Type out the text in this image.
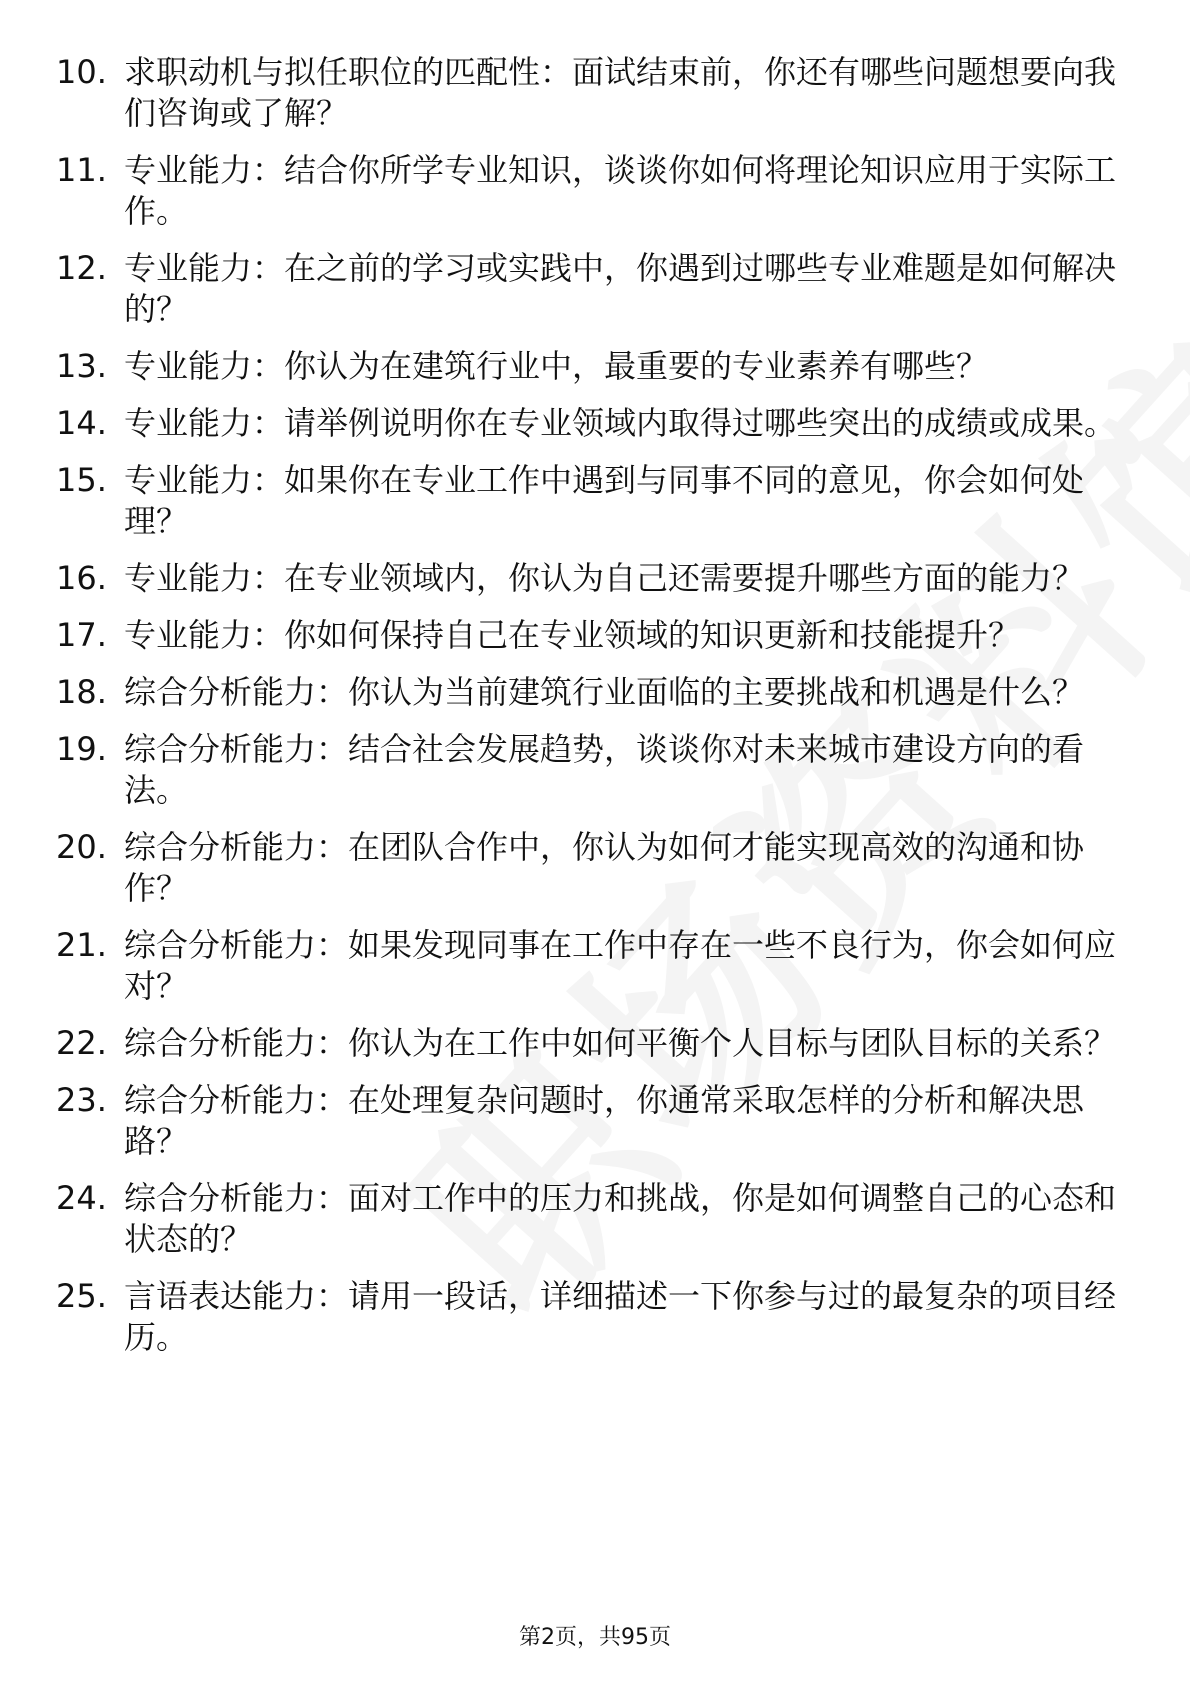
10. 求职动机与拟任职位的匹配性：面试结束前，你还有哪些问题想要向我们咨询或了解？
11. 专业能力：结合你所学专业知识，谈谈你如何将理论知识应用于实际工作。
12. 专业能力：在之前的学习或实践中，你遇到过哪些专业难题是如何解决的？
13. 专业能力：你认为在建筑行业中，最重要的专业素养有哪些？
14. 专业能力：请举例说明你在专业领域内取得过哪些突出的成绩或成果。
15. 专业能力：如果你在专业工作中遇到与同事不同的意见，你会如何处理？
16. 专业能力：在专业领域内，你认为自己还需要提升哪些方面的能力？
17. 专业能力：你如何保持自己在专业领域的知识更新和技能提升？
18. 综合分析能力：你认为当前建筑行业面临的主要挑战和机遇是什么？
19. 综合分析能力：结合社会发展趋势，谈谈你对未来城市建设方向的看法。
20. 综合分析能力：在团队合作中，你认为如何才能实现高效的沟通和协作？
21. 综合分析能力：如果发现同事在工作中存在一些不良行为，你会如何应对？
22. 综合分析能力：你认为在工作中如何平衡个人目标与团队目标的关系？
23. 综合分析能力：在处理复杂问题时，你通常采取怎样的分析和解决思路？
24. 综合分析能力：面对工作中的压力和挑战，你是如何调整自己的心态和状态的？
25. 言语表达能力：请用一段话，详细描述一下你参与过的最复杂的项目经历。
第2页，共95页
